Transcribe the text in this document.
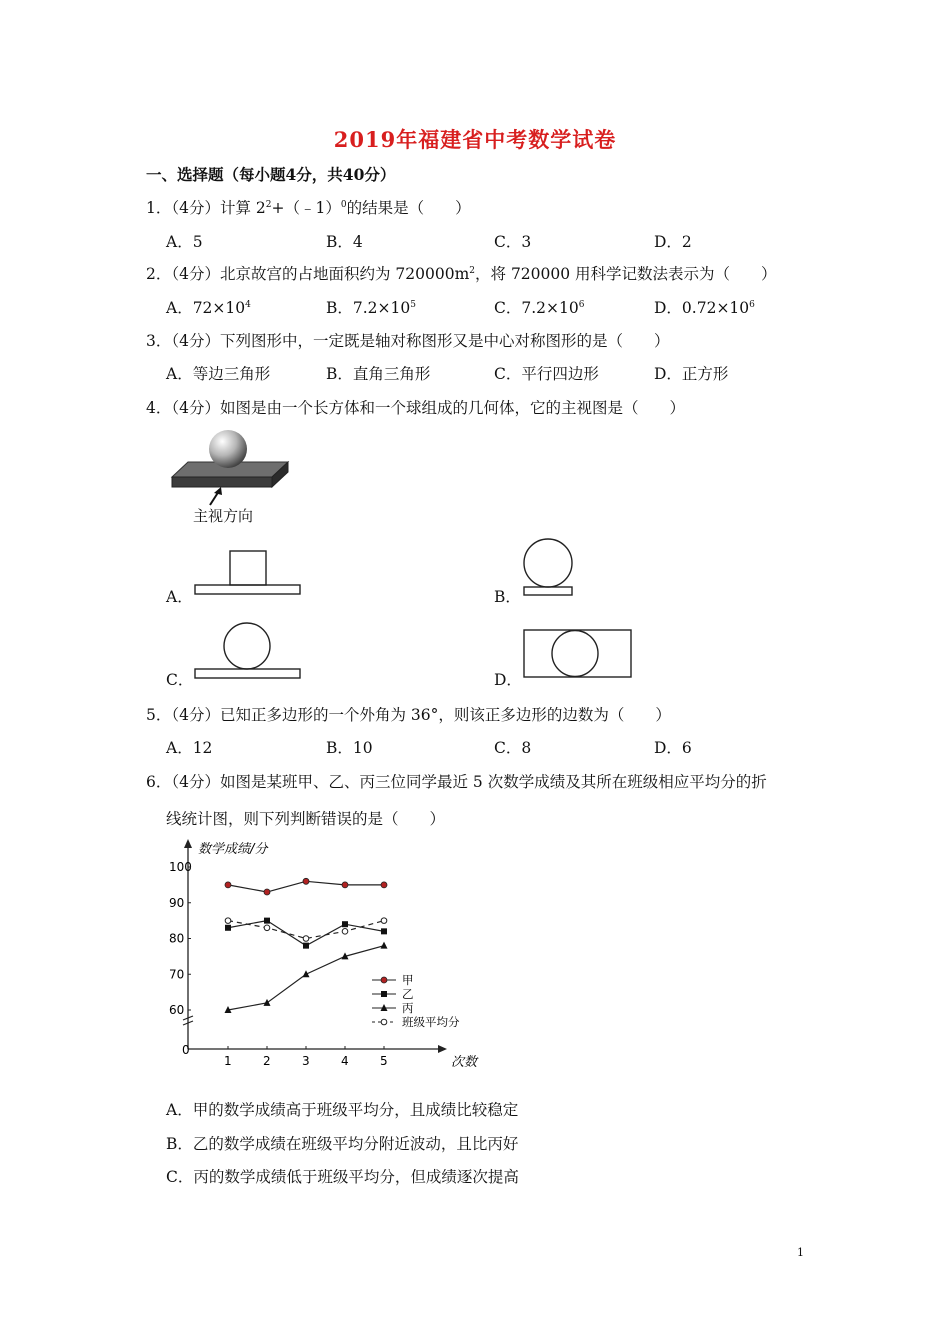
2019年福建省中考数学试卷
一、选择题（每小题4分，共40分）
1．（4分）计算 $2^2+(﹣1)^0$的结果是（　　）
A．5	B．4	C．3	D．2
2．（4分）北京故宫的占地面积约为 $720000m^2$，将 720000 用科学记数法表示为（　　）
A．$72\times 10^4$	B．$7.2\times 10^5$	C．$7.2\times 10^6$	D．$0.72\times 10^6$
3．（4分）下列图形中，一定既是轴对称图形又是中心对称图形的是（　　）
A．等边三角形	B．直角三角形	C．平行四边形	D．正方形
4．（4分）如图是由一个长方体和一个球组成的几何体，它的主视图是（　　）
主视方向
A．	B．
C．	D．
5．（4分）已知正多边形的一个外角为 36°，则该正多边形的边数为（　　）
A．12	B．10	C．8	D．6
6．（4分）如图是某班甲、乙、丙三位同学最近 5 次数学成绩及其所在班级相应平均分的折
线统计图，则下列判断错误的是（　　）
100
90
80
70
60
0
1	2	3	4	5
甲
乙
丙
班级平均分
数学成绩/分
次数
A．甲的数学成绩高于班级平均分，且成绩比较稳定
B．乙的数学成绩在班级平均分附近波动，且比丙好
C．丙的数学成绩低于班级平均分，但成绩逐次提高
1
